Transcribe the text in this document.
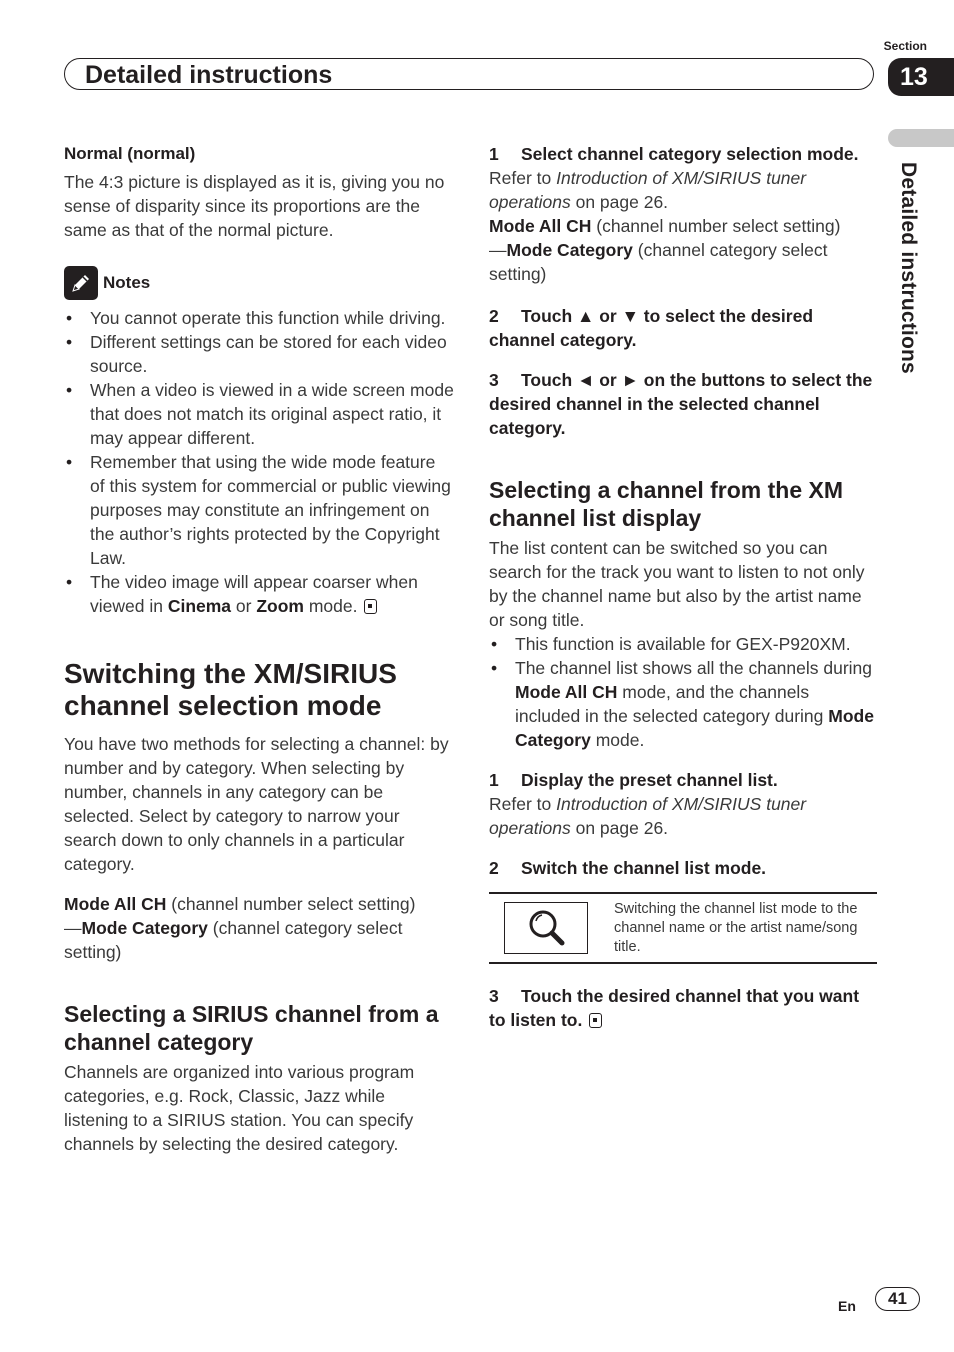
Section
Detailed instructions	13
Detailed instructions

Normal (normal)

The 4:3 picture is displayed as it is, giving you no sense of disparity since its proportions are the same as that of the normal picture.

Notes
• You cannot operate this function while driving.
• Different settings can be stored for each video source.
• When a video is viewed in a wide screen mode that does not match its original aspect ratio, it may appear different.
• Remember that using the wide mode feature of this system for commercial or public viewing purposes may constitute an infringement on the author’s rights protected by the Copyright Law.
• The video image will appear coarser when viewed in Cinema or Zoom mode.
Switching the XM/SIRIUS channel selection mode

You have two methods for selecting a channel: by number and by category. When selecting by number, channels in any category can be selected. Select by category to narrow your search down to only channels in a particular category.

Mode All CH (channel number select setting)
—Mode Category (channel category select setting)

Selecting a SIRIUS channel from a channel category

Channels are organized into various program categories, e.g. Rock, Classic, Jazz while listening to a SIRIUS station. You can specify channels by selecting the desired category.

1 Select channel category selection mode.

Refer to Introduction of XM/SIRIUS tuner operations on page 26.

Mode All CH (channel number select setting)
—Mode Category (channel category select setting)

2 Touch ▲ or ▼ to select the desired channel category.

3 Touch ◄ or ► on the buttons to select the desired channel in the selected channel category.

Selecting a channel from the XM channel list display

The list content can be switched so you can search for the track you want to listen to not only by the channel name but also by the artist name or song title.

• This function is available for GEX-P920XM.
• The channel list shows all the channels during Mode All CH mode, and the channels included in the selected category during Mode Category mode.

1 Display the preset channel list.

Refer to Introduction of XM/SIRIUS tuner operations on page 26.

2 Switch the channel list mode.

Switching the channel list mode to the channel name or the artist name/song title.

3 Touch the desired channel that you want to listen to.

En	41
